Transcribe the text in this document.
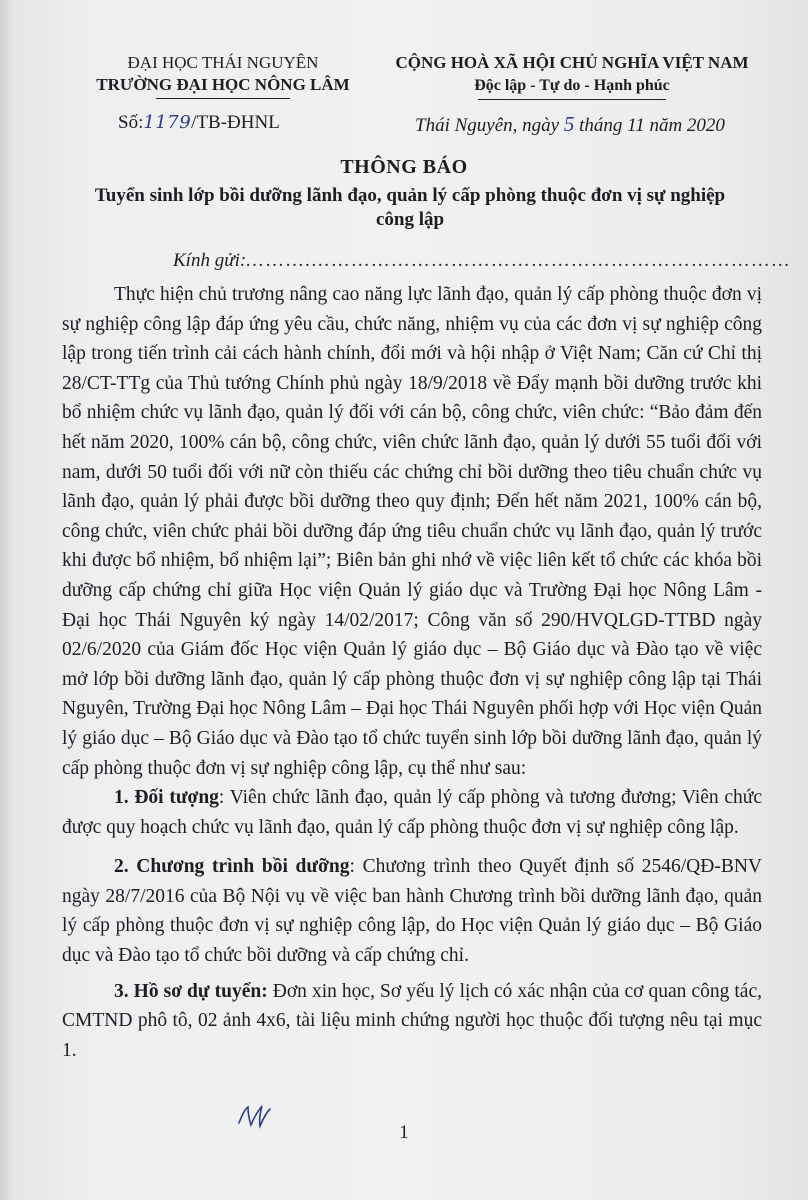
ĐẠI HỌC THÁI NGUYÊN
TRƯỜNG ĐẠI HỌC NÔNG LÂM
CỘNG HOÀ XÃ HỘI CHỦ NGHĨA VIỆT NAM
Độc lập - Tự do - Hạnh phúc
Số:1179/TB-ĐHNL	Thái Nguyên, ngày 5 tháng 11 năm 2020
THÔNG BÁO
Tuyển sinh lớp bồi dưỡng lãnh đạo, quản lý cấp phòng thuộc đơn vị sự nghiệp công lập
Kính gửi:
……….………………………………………………………………

Thực hiện chủ trương nâng cao năng lực lãnh đạo, quản lý cấp phòng thuộc đơn vị sự nghiệp công lập đáp ứng yêu cầu, chức năng, nhiệm vụ của các đơn vị sự nghiệp công lập trong tiến trình cải cách hành chính, đổi mới và hội nhập ở Việt Nam; Căn cứ Chỉ thị 28/CT-TTg của Thủ tướng Chính phủ ngày 18/9/2018 về Đẩy mạnh bồi dưỡng trước khi bổ nhiệm chức vụ lãnh đạo, quản lý đối với cán bộ, công chức, viên chức: “Bảo đảm đến hết năm 2020, 100% cán bộ, công chức, viên chức lãnh đạo, quản lý dưới 55 tuổi đối với nam, dưới 50 tuổi đối với nữ còn thiếu các chứng chỉ bồi dưỡng theo tiêu chuẩn chức vụ lãnh đạo, quản lý phải được bồi dưỡng theo quy định; Đến hết năm 2021, 100% cán bộ, công chức, viên chức phải bồi dưỡng đáp ứng tiêu chuẩn chức vụ lãnh đạo, quản lý trước khi được bổ nhiệm, bổ nhiệm lại”; Biên bản ghi nhớ về việc liên kết tổ chức các khóa bồi dưỡng cấp chứng chỉ giữa Học viện Quản lý giáo dục và Trường Đại học Nông Lâm - Đại học Thái Nguyên ký ngày 14/02/2017; Công văn số 290/HVQLGD-TTBD ngày 02/6/2020 của Giám đốc Học viện Quản lý giáo dục – Bộ Giáo dục và Đào tạo về việc mở lớp bồi dưỡng lãnh đạo, quản lý cấp phòng thuộc đơn vị sự nghiệp công lập tại Thái Nguyên, Trường Đại học Nông Lâm – Đại học Thái Nguyên phối hợp với Học viện Quản lý giáo dục – Bộ Giáo dục và Đào tạo tổ chức tuyển sinh lớp bồi dưỡng lãnh đạo, quản lý cấp phòng thuộc đơn vị sự nghiệp công lập, cụ thể như sau:

1. Đối tượng: Viên chức lãnh đạo, quản lý cấp phòng và tương đương; Viên chức được quy hoạch chức vụ lãnh đạo, quản lý cấp phòng thuộc đơn vị sự nghiệp công lập.

2. Chương trình bồi dưỡng: Chương trình theo Quyết định số 2546/QĐ-BNV ngày 28/7/2016 của Bộ Nội vụ về việc ban hành Chương trình bồi dưỡng lãnh đạo, quản lý cấp phòng thuộc đơn vị sự nghiệp công lập, do Học viện Quản lý giáo dục – Bộ Giáo dục và Đào tạo tổ chức bồi dưỡng và cấp chứng chỉ.

3. Hồ sơ dự tuyển: Đơn xin học, Sơ yếu lý lịch có xác nhận của cơ quan công tác, CMTND phô tô, 02 ảnh 4x6, tài liệu minh chứng người học thuộc đối tượng nêu tại mục 1.

1
